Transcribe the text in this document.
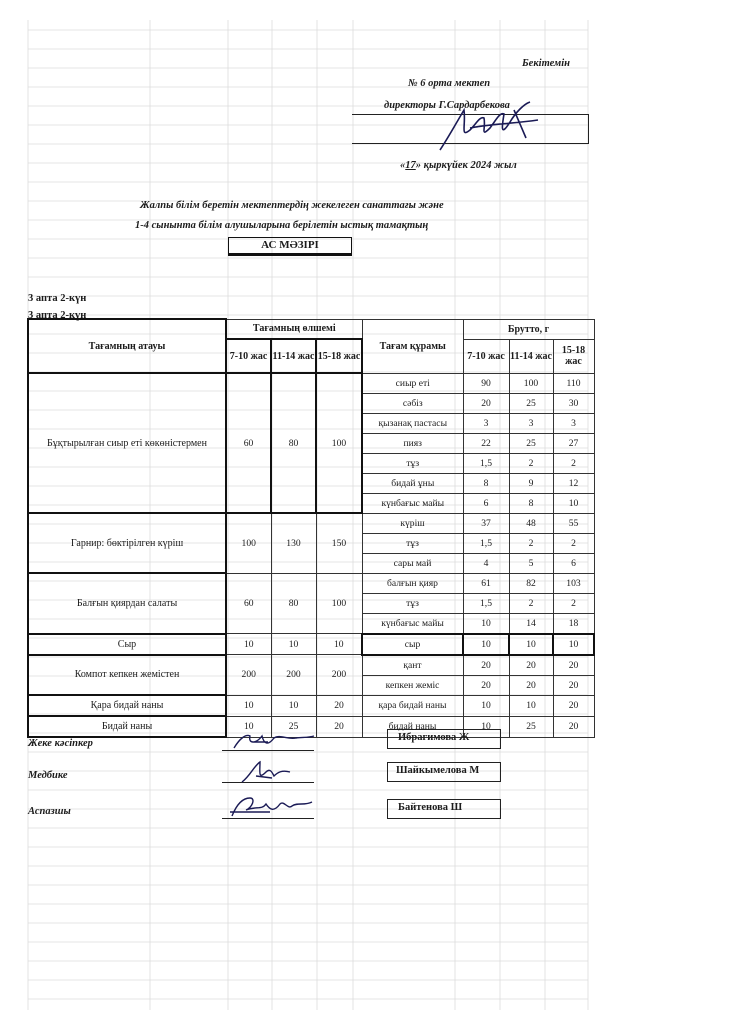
Бекітемін
№ 6 орта мектеп
директоры Г.Сардарбекова
«17» қыркүйек 2024 жыл
Жалпы білім беретін мектептердің жекелеген санаттағы және
1-4 сынынта білім алушыларына берілетін ыстық тамақтың
АС МӘЗІРІ
3 апта 2-күн
3 апта 2-күн
Тағамның атауы	Тағамның өлшемі			Тағам құрамы	Брутто, г		
	7-10 жас	11-14 жас	15-18 жас		7-10 жас	11-14 жас	15-18 жас
Бұқтырылған сиыр еті көкөністермен	60	80	100	сиыр еті	90	100	110
				сәбіз	20	25	30
				қызанақ пастасы	3	3	3
				пияз	22	25	27
				тұз	1,5	2	2
				бидай ұны	8	9	12
				күнбағыс майы	6	8	10
Гарнир: бөктірілген күріш	100	130	150	күріш	37	48	55
				тұз	1,5	2	2
				сары май	4	5	6
Балғын қиярдан салаты	60	80	100	балғын қияр	61	82	103
				тұз	1,5	2	2
				күнбағыс майы	10	14	18
Сыр	10	10	10	сыр	10	10	10
Компот кепкен жемістен	200	200	200	қант	20	20	20
				кепкен жеміс	20	20	20
Қара бидай наны	10	10	20	қара бидай наны	10	10	20
Бидай наны	10	25	20	бидай наны	10	25	20
Жеке кәсіпкер
Ибрагимова Ж
Медбике	Шайкымелова М
Аспазшы	Байтенова Ш
